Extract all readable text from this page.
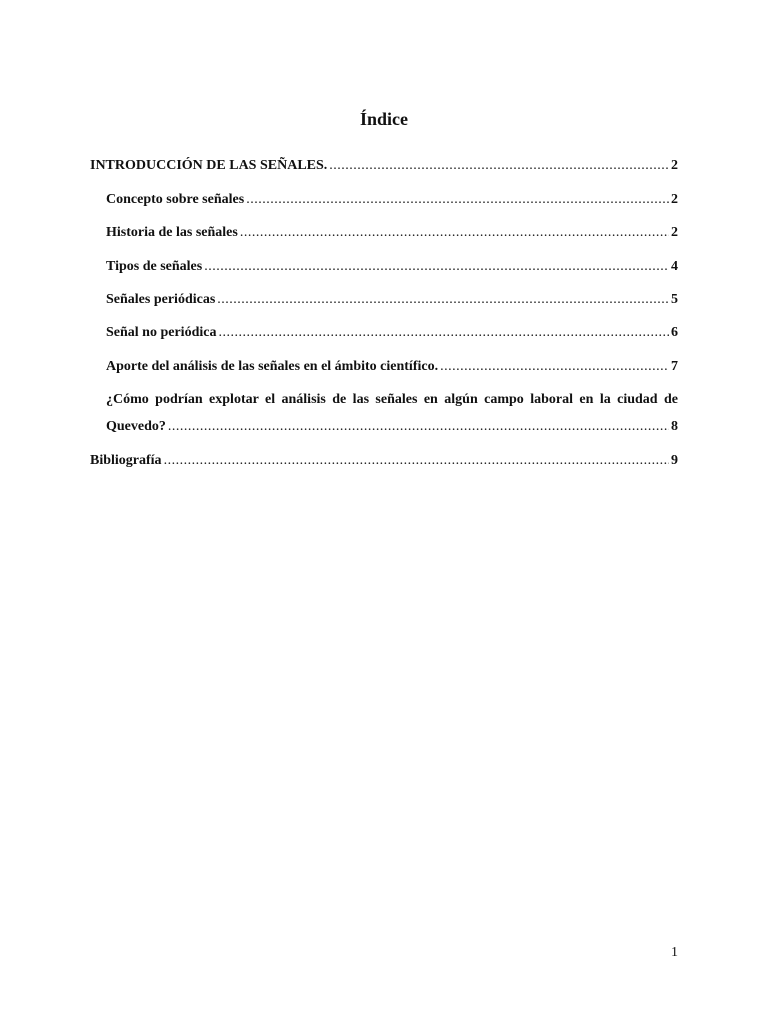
Índice
INTRODUCCIÓN DE LAS SEÑALES. .....	2
Concepto sobre señales .....	2
Historia de las señales .....	2
Tipos de señales .....	4
Señales periódicas .....	5
Señal no periódica .....	6
Aporte del análisis de las señales en el ámbito científico. .....	7
¿Cómo podrían explotar el análisis de las señales en algún campo laboral en la ciudad de
Quevedo? .....	8
Bibliografía .....	9
1
